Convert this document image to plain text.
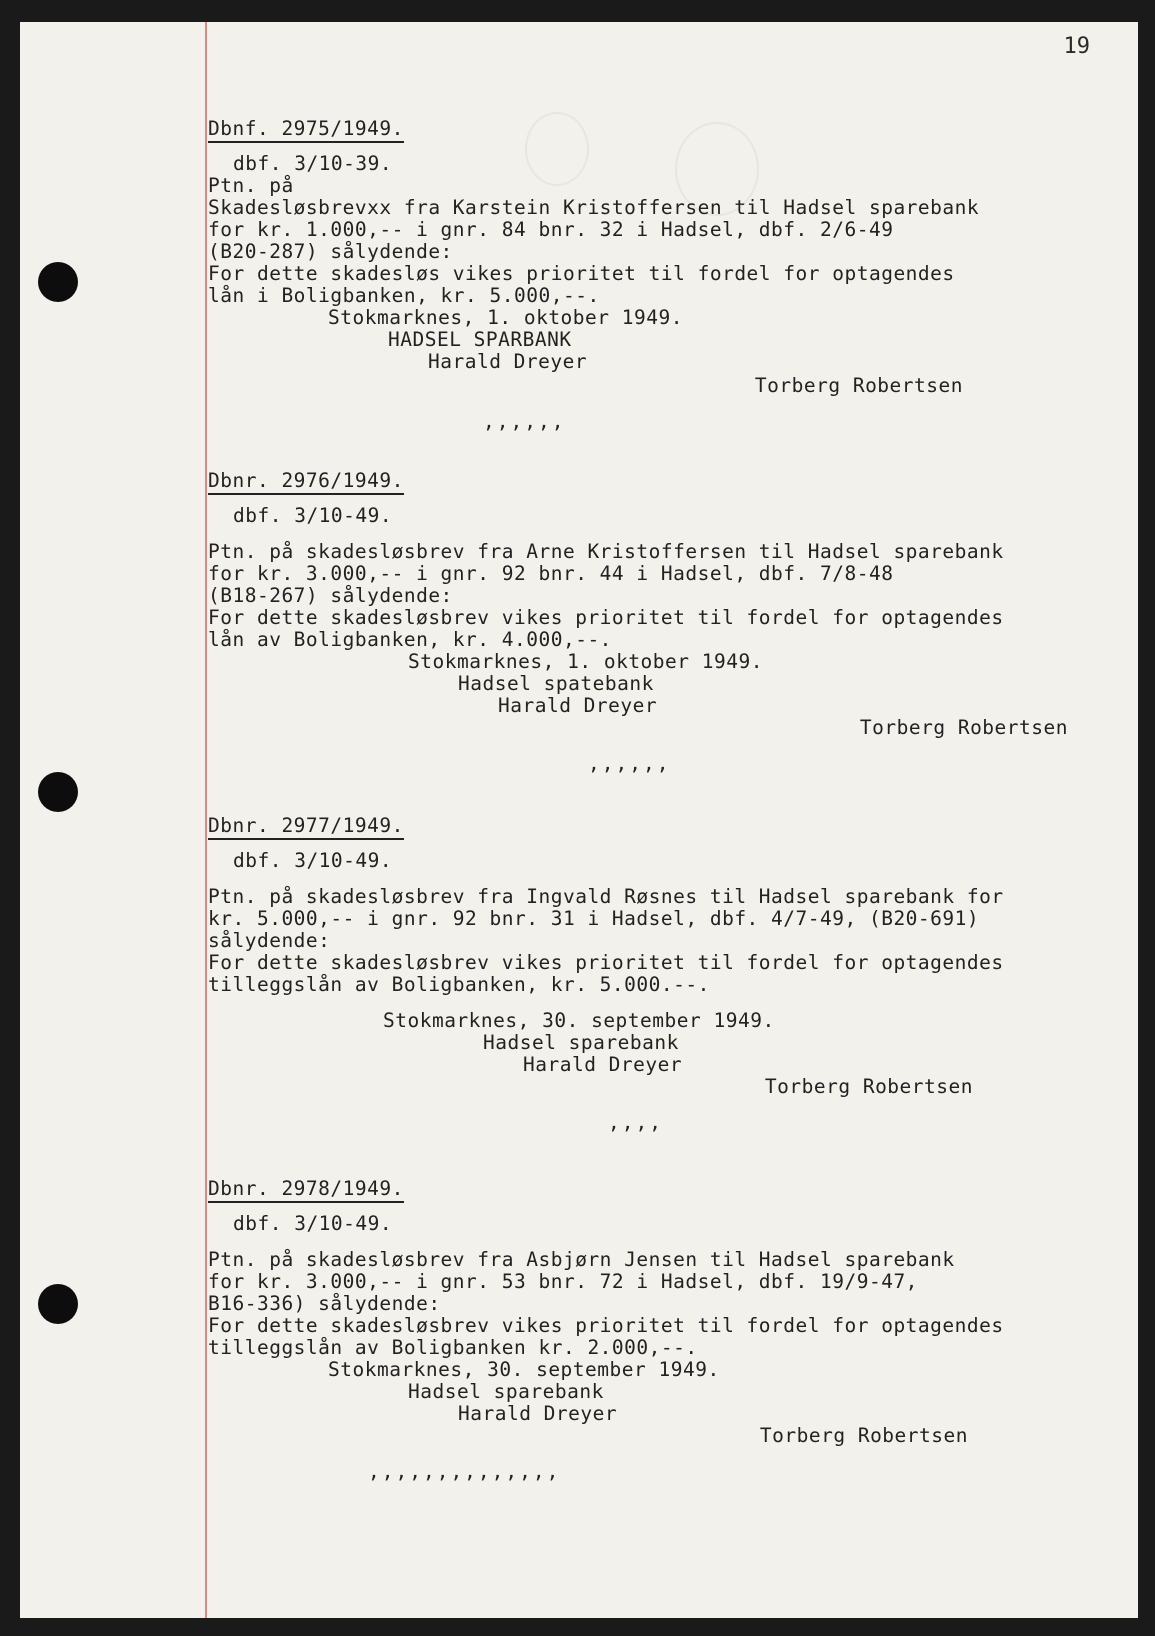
19
Dbnf. 2975/1949.
dbf. 3/10-39.
Ptn. på
Skadesløsbrevxx fra Karstein Kristoffersen til Hadsel sparebank
for kr. 1.000,-- i gnr. 84 bnr. 32 i Hadsel, dbf. 2/6-49
(B20-287) sålydende:
For dette skadesløs vikes prioritet til fordel for optagendes
lån i Boligbanken, kr. 5.000,--.
Stokmarknes, 1. oktober 1949.
HADSEL SPARBANK
Harald Dreyer
Torberg Robertsen
,,,,,,
Dbnr. 2976/1949.
dbf. 3/10-49.
Ptn. på skadesløsbrev fra Arne Kristoffersen til Hadsel sparebank
for kr. 3.000,-- i gnr. 92 bnr. 44 i Hadsel, dbf. 7/8-48
(B18-267) sålydende:
For dette skadesløsbrev vikes prioritet til fordel for optagendes
lån av Boligbanken, kr. 4.000,--.
Stokmarknes, 1. oktober 1949.
Hadsel spatebank
Harald Dreyer
Torberg Robertsen
,,,,,,
Dbnr. 2977/1949.
dbf. 3/10-49.
Ptn. på skadesløsbrev fra Ingvald Røsnes til Hadsel sparebank for
kr. 5.000,-- i gnr. 92 bnr. 31 i Hadsel, dbf. 4/7-49, (B20-691)
sålydende:
For dette skadesløsbrev vikes prioritet til fordel for optagendes
tilleggslån av Boligbanken, kr. 5.000.--.
Stokmarknes, 30. september 1949.
Hadsel sparebank
Harald Dreyer
Torberg Robertsen
,,,,
Dbnr. 2978/1949.
dbf. 3/10-49.
Ptn. på skadesløsbrev fra Asbjørn Jensen til Hadsel sparebank
for kr. 3.000,-- i gnr. 53 bnr. 72 i Hadsel, dbf. 19/9-47,
B16-336) sålydende:
For dette skadesløsbrev vikes prioritet til fordel for optagendes
tilleggslån av Boligbanken kr. 2.000,--.
Stokmarknes, 30. september 1949.
Hadsel sparebank
Harald Dreyer
Torberg Robertsen
,,,,,,,,,,,,,,
